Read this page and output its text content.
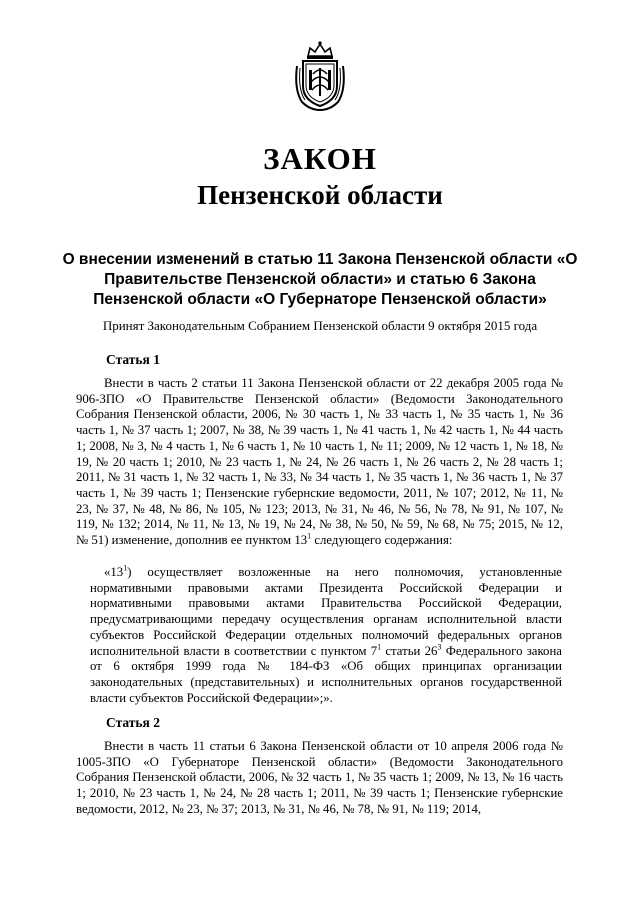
ЗАКОН
Пензенской области
О внесении изменений в статью 11 Закона Пензенской области «О Правительстве Пензенской области» и статью 6 Закона Пензенской области «О Губернаторе Пензенской области»
Принят Законодательным Собранием Пензенской области 9 октября 2015 года
Статья 1

Внести в часть 2 статьи 11 Закона Пензенской области от 22 декабря 2005 года № 906-ЗПО «О Правительстве Пензенской области» (Ведомости Законодательного Собрания Пензенской области, 2006, № 30 часть 1, № 33 часть 1, № 35 часть 1, № 36 часть 1, № 37 часть 1; 2007, № 38, № 39 часть 1, № 41 часть 1, № 42 часть 1, № 44 часть 1; 2008, № 3, № 4 часть 1, № 6 часть 1, № 10 часть 1, № 11; 2009, № 12 часть 1, № 18, № 19, № 20 часть 1; 2010, № 23 часть 1, № 24, № 26 часть 1, № 26 часть 2, № 28 часть 1; 2011, № 31 часть 1, № 32 часть 1, № 33, № 34 часть 1, № 35 часть 1, № 36 часть 1, № 37 часть 1, № 39 часть 1; Пензенские губернские ведомости, 2011, № 107; 2012, № 11, № 23, № 37, № 48, № 86, № 105, № 123; 2013, № 31, № 46, № 56, № 78, № 91, № 107, № 119, № 132; 2014, № 11, № 13, № 19, № 24, № 38, № 50, № 59, № 68, № 75; 2015, № 12, № 51) изменение, дополнив ее пунктом $13^1$ следующего содержания:

«$13^1$) осуществляет возложенные на него полномочия, установленные нормативными правовыми актами Президента Российской Федерации и нормативными правовыми актами Правительства Российской Федерации, предусматривающими передачу осуществления органам исполнительной власти субъектов Российской Федерации отдельных полномочий федеральных органов исполнительной власти в соответствии с пунктом $7^1$ статьи $26^3$ Федерального закона от 6 октября 1999 года № 184-ФЗ «Об общих принципах организации законодательных (представительных) и исполнительных органов государственной власти субъектов Российской Федерации»;».

Статья 2

Внести в часть 11 статьи 6 Закона Пензенской области от 10 апреля 2006 года № 1005-ЗПО «О Губернаторе Пензенской области» (Ведомости Законодательного Собрания Пензенской области, 2006, № 32 часть 1, № 35 часть 1; 2009, № 13, № 16 часть 1; 2010, № 23 часть 1, № 24, № 28 часть 1; 2011, № 39 часть 1; Пензенские губернские ведомости, 2012, № 23, № 37; 2013, № 31, № 46, № 78, № 91, № 119; 2014,
